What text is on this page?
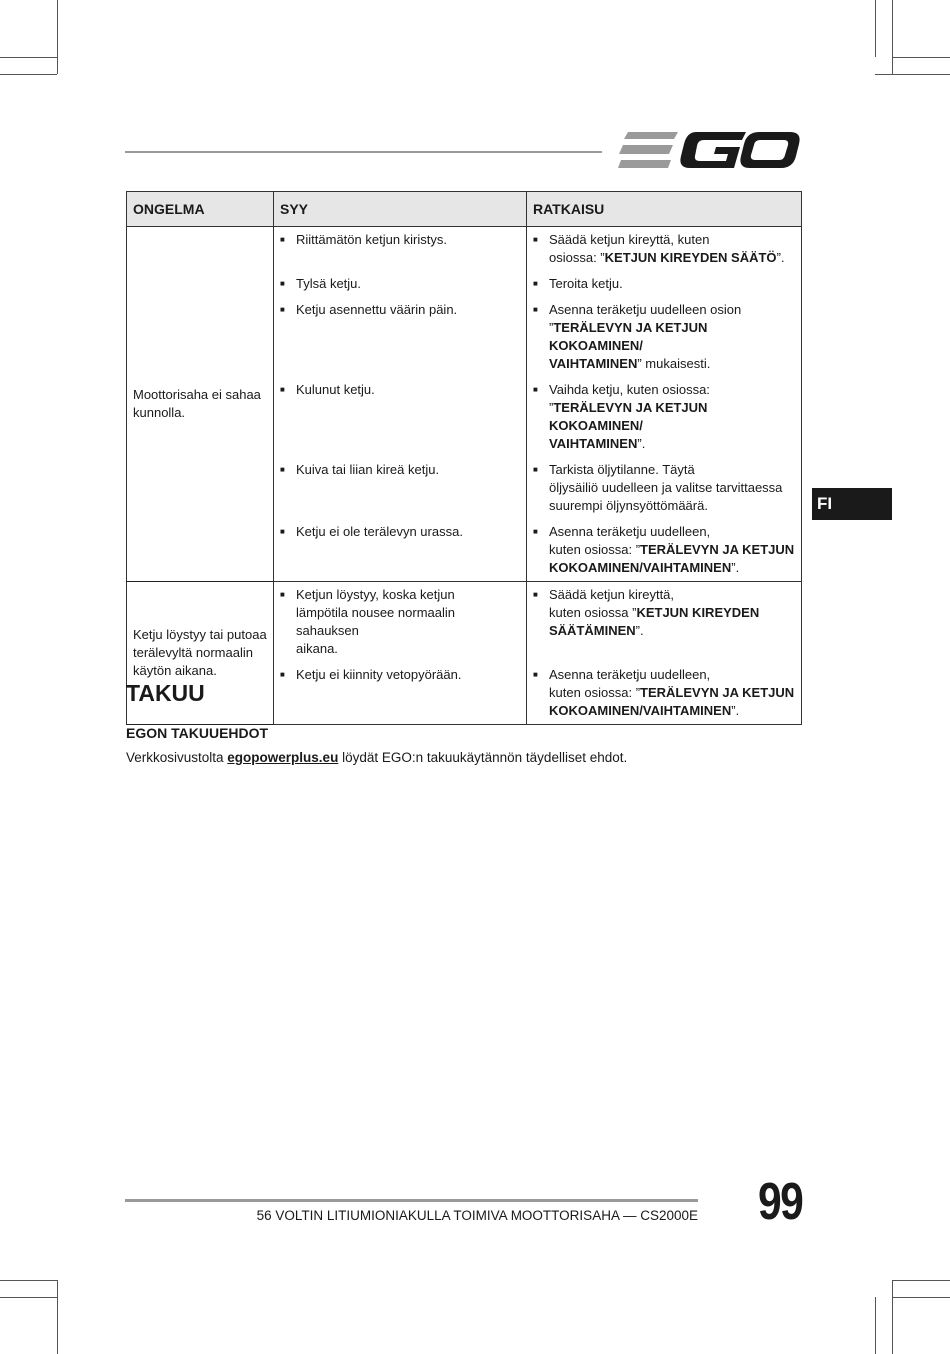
FI
ONGELMA	SYY	RATKAISU

Moottorisaha ei sahaa
kunnolla.	■ Riittämätön ketjun kiristys.	■ Säädä ketjun kireyttä, kuten
osiossa: ”KETJUN KIREYDEN SÄÄTÖ”.

	■ Tylsä ketju.	■ Teroita ketju.

	■ Ketju asennettu väärin päin.	■ Asenna teräketju uudelleen osion
”TERÄLEVYN JA KETJUN KOKOAMINEN/
VAIHTAMINEN” mukaisesti.

	■ Kulunut ketju.	■ Vaihda ketju, kuten osiossa:
”TERÄLEVYN JA KETJUN KOKOAMINEN/
VAIHTAMINEN”.

	■ Kuiva tai liian kireä ketju.	■ Tarkista öljytilanne. Täytä
öljysäiliö uudelleen ja valitse tarvittaessa
suurempi öljynsyöttömäärä.

	■ Ketju ei ole terälevyn urassa.	■ Asenna teräketju uudelleen,
kuten osiossa: ”TERÄLEVYN JA KETJUN
KOKOAMINEN/VAIHTAMINEN”.

Ketju löystyy tai putoaa
terälevyltä normaalin
käytön aikana.	■ Ketjun löystyy, koska ketjun
lämpötila nousee normaalin sahauksen
aikana.	■ Säädä ketjun kireyttä,
kuten osiossa ”KETJUN KIREYDEN
SÄÄTÄMINEN”.

	■ Ketju ei kiinnity vetopyörään.	■ Asenna teräketju uudelleen,
kuten osiossa: ”TERÄLEVYN JA KETJUN
KOKOAMINEN/VAIHTAMINEN”.
TAKUU
EGON TAKUUEHDOT
Verkkosivustolta egopowerplus.eu löydät EGO:n takuukäytännön täydelliset ehdot.
56 VOLTIN LITIUMIONIAKULLA TOIMIVA MOOTTORISAHA — CS2000E 99
